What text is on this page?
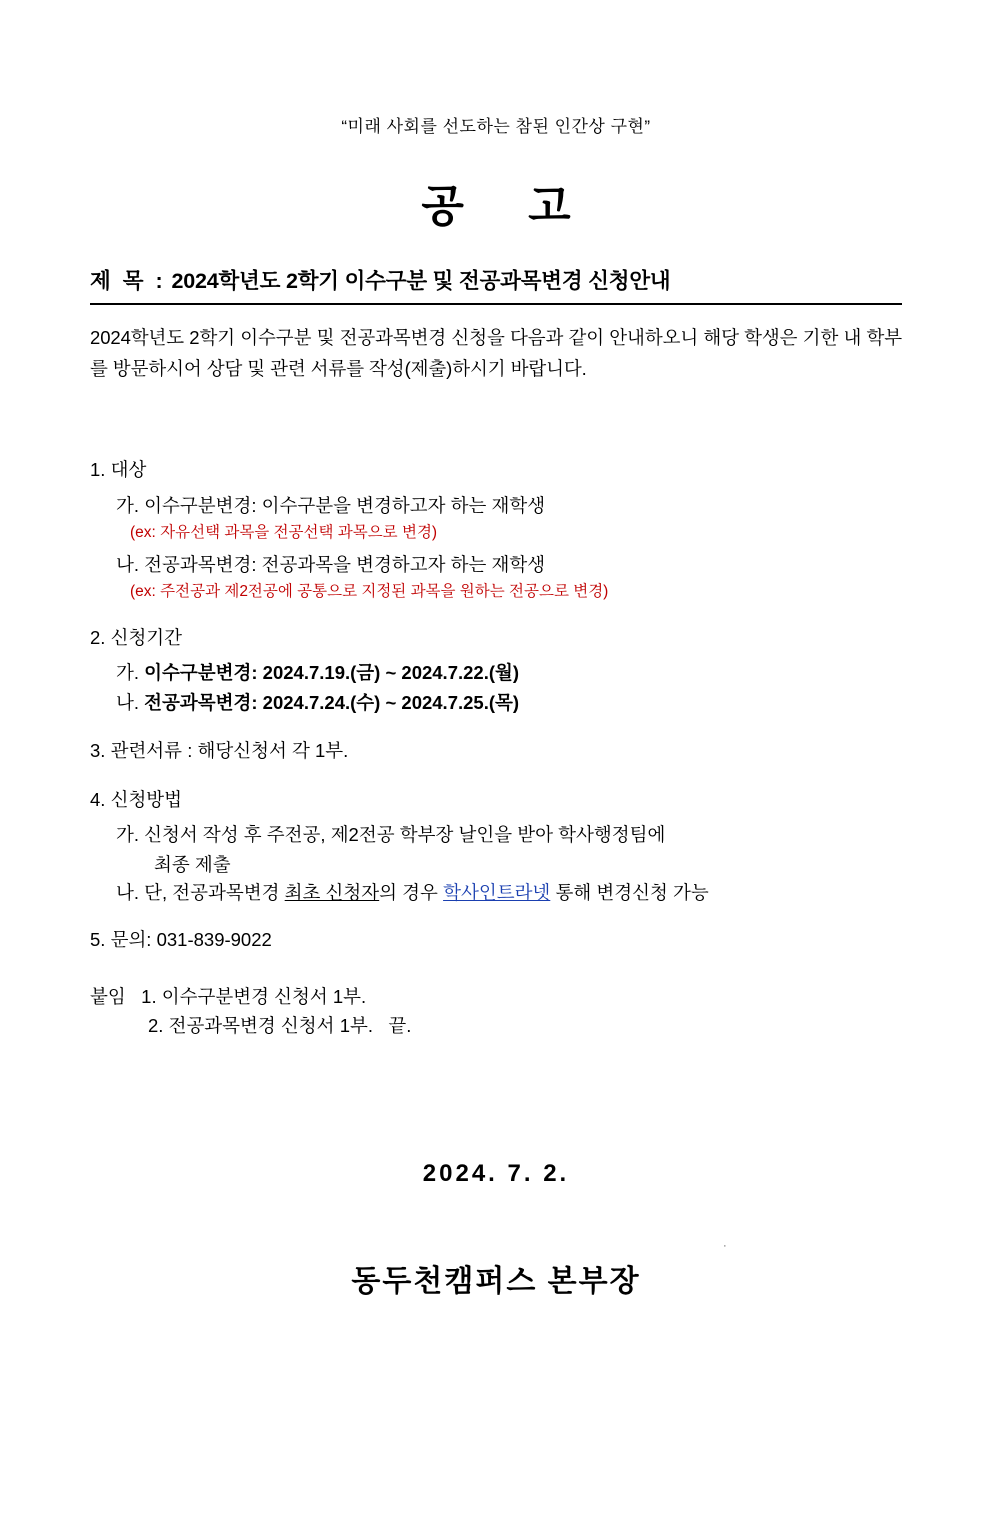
“미래 사회를 선도하는 참된 인간상 구현”
공 고
제 목 : 2024학년도 2학기 이수구분 및 전공과목변경 신청안내
2024학년도 2학기 이수구분 및 전공과목변경 신청을 다음과 같이 안내하오니 해당 학생은 기한 내 학부를 방문하시어 상담 및 관련 서류를 작성(제출)하시기 바랍니다.
1. 대상
가. 이수구분변경: 이수구분을 변경하고자 하는 재학생
(ex: 자유선택 과목을 전공선택 과목으로 변경)
나. 전공과목변경: 전공과목을 변경하고자 하는 재학생
(ex: 주전공과 제2전공에 공통으로 지정된 과목을 원하는 전공으로 변경)
2. 신청기간
가. 이수구분변경: 2024.7.19.(금) ~ 2024.7.22.(월)
나. 전공과목변경: 2024.7.24.(수) ~ 2024.7.25.(목)
3. 관련서류 : 해당신청서 각 1부.
4. 신청방법
가. 신청서 작성 후 주전공, 제2전공 학부장 날인을 받아 학사행정팀에
최종 제출
나. 단, 전공과목변경 최초 신청자의 경우 학사인트라넷 통해 변경신청 가능
5. 문의: 031-839-9022
붙임 1. 이수구분변경 신청서 1부.
2. 전공과목변경 신청서 1부. 끝.
·
2024. 7. 2.
동두천캠퍼스 본부장
